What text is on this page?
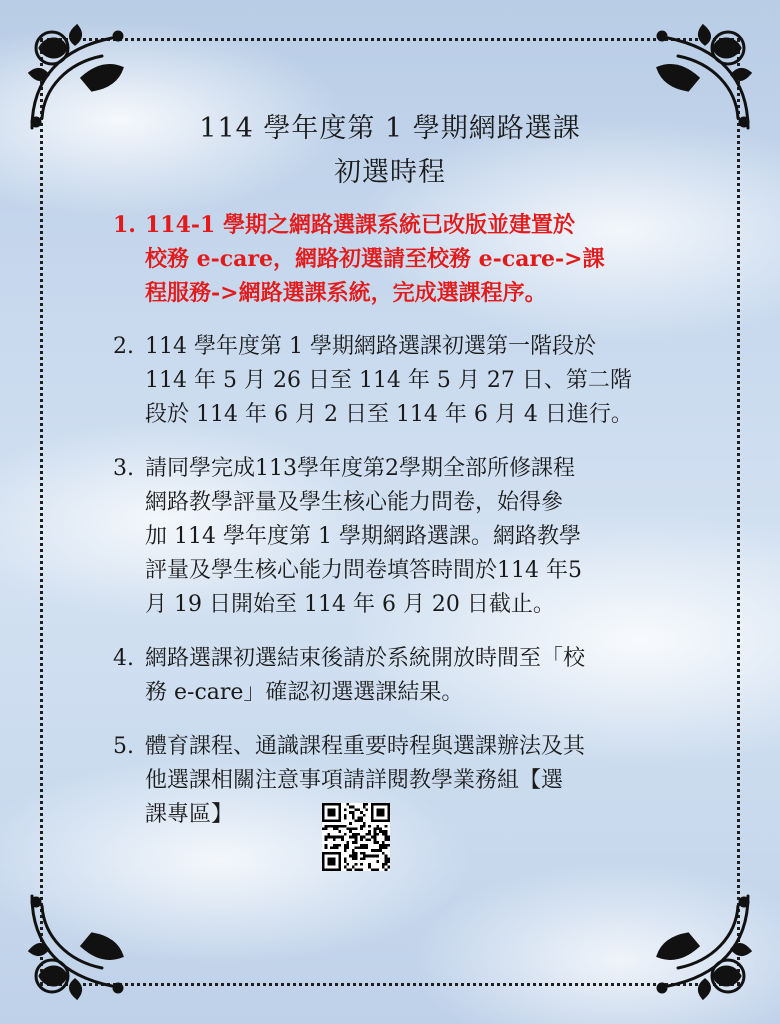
114 學年度第 1 學期網路選課
初選時程
1. 114-1 學期之網路選課系統已改版並建置於
校務 e-care，網路初選請至校務 e-care->課
程服務->網路選課系統，完成選課程序。
2. 114 學年度第 1 學期網路選課初選第一階段於
114 年 5 月 26 日至 114 年 5 月 27 日、第二階
段於 114 年 6 月 2 日至 114 年 6 月 4 日進行。
3. 請同學完成113學年度第2學期全部所修課程
網路教學評量及學生核心能力問卷，始得參
加 114 學年度第 1 學期網路選課。網路教學
評量及學生核心能力問卷填答時間於114 年5
月 19 日開始至 114 年 6 月 20 日截止。
4. 網路選課初選結束後請於系統開放時間至「校
務 e-care」確認初選選課結果。
5. 體育課程、通識課程重要時程與選課辦法及其
他選課相關注意事項請詳閱教學業務組【選
課專區】
